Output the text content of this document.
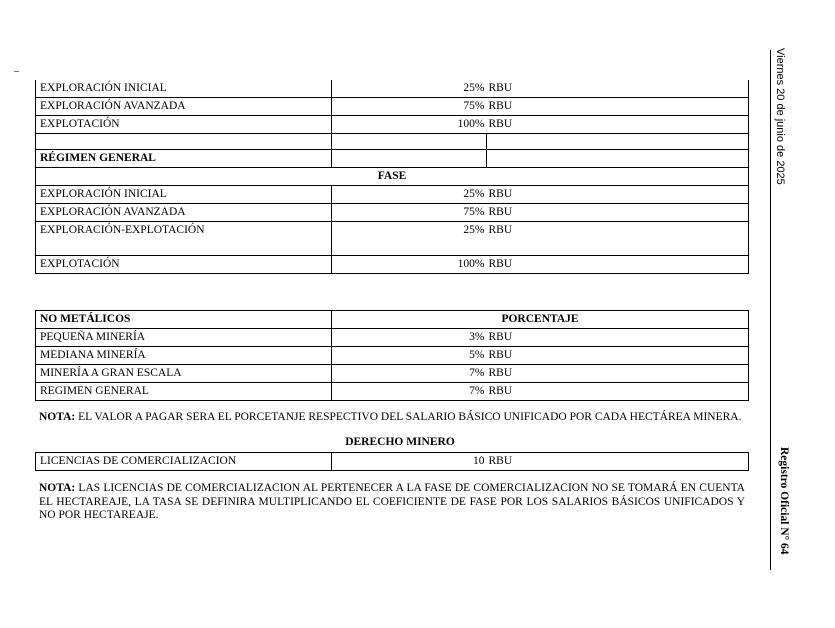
EXPLORACIÓN INICIAL	25%	RBU
EXPLORACIÓN AVANZADA	75%	RBU
EXPLOTACIÓN	100%	RBU

RÉGIMEN GENERAL		
FASE		
EXPLORACIÓN INICIAL	25%	RBU
EXPLORACIÓN AVANZADA	75%	RBU
EXPLORACIÓN-EXPLOTACIÓN	25%	RBU
EXPLOTACIÓN	100%	RBU
NO METÁLICOS	PORCENTAJE	
PEQUEÑA MINERÍA	3%	RBU
MEDIANA MINERÍA	5%	RBU
MINERÍA A GRAN ESCALA	7%	RBU
REGIMEN GENERAL	7%	RBU
NOTA: EL VALOR A PAGAR SERA EL PORCETANJE RESPECTIVO DEL SALARIO BÁSICO UNIFICADO POR CADA HECTÁREA MINERA.
DERECHO MINERO
LICENCIAS DE COMERCIALIZACION	10	RBU
NOTA: LAS LICENCIAS DE COMERCIALIZACION AL PERTENECER A LA FASE DE COMERCIALIZACION NO SE TOMARÁ EN CUENTA EL HECTAREAJE, LA TASA SE DEFINIRA MULTIPLICANDO EL COEFICIENTE DE FASE POR LOS SALARIOS BÁSICOS UNIFICADOS Y NO POR HECTAREAJE.
Viernes 20 de junio de 2025
Registro Oficial N° 64
